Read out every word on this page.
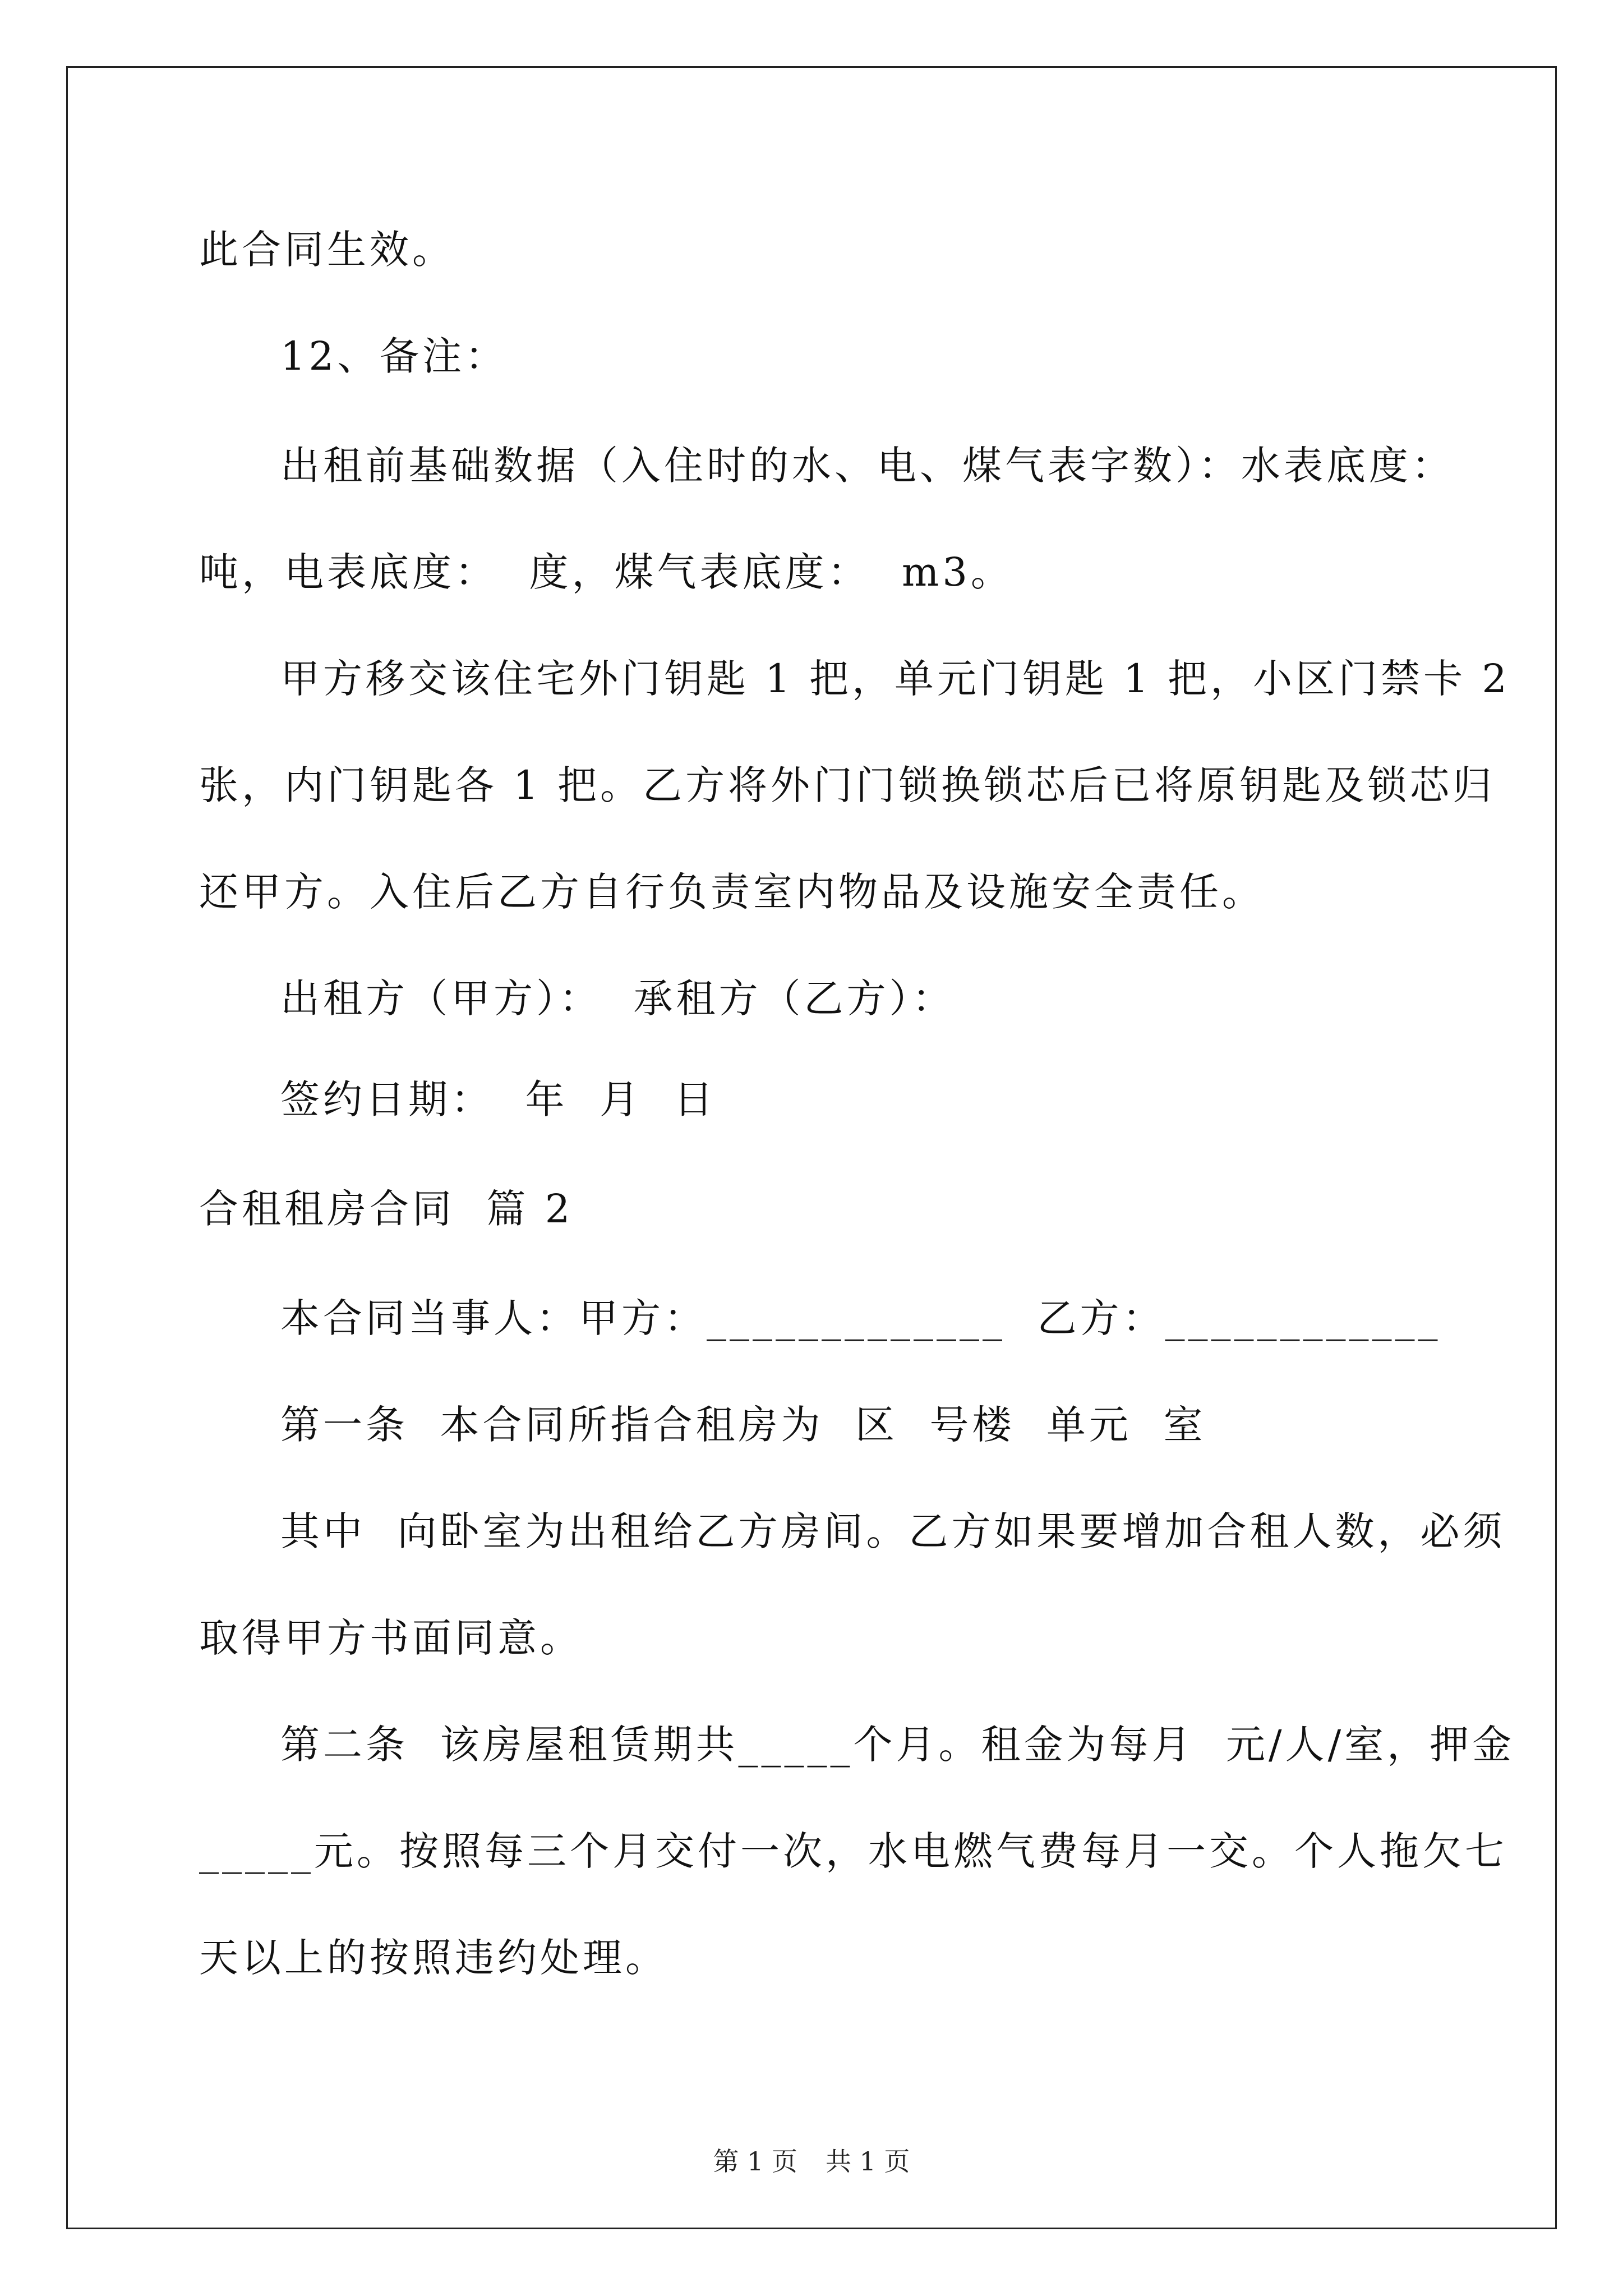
此合同生效。
12、备注：
出租前基础数据（入住时的水、电、煤气表字数）：水表底度：
吨，电表底度：  度，煤气表底度：  m3。
甲方移交该住宅外门钥匙 1 把，单元门钥匙 1 把，小区门禁卡 2
张，内门钥匙各 1 把。乙方将外门门锁换锁芯后已将原钥匙及锁芯归
还甲方。入住后乙方自行负责室内物品及设施安全责任。
出租方（甲方）：  承租方（乙方）：
签约日期：  年  月  日
合租租房合同  篇 2
本合同当事人：甲方：_____________  乙方：____________
第一条  本合同所指合租房为  区  号楼  单元  室
其中  向卧室为出租给乙方房间。乙方如果要增加合租人数，必须
取得甲方书面同意。
第二条  该房屋租赁期共_____个月。租金为每月  元/人/室，押金
_____元。按照每三个月交付一次，水电燃气费每月一交。个人拖欠七
天以上的按照违约处理。
第 1 页 共 1 页
